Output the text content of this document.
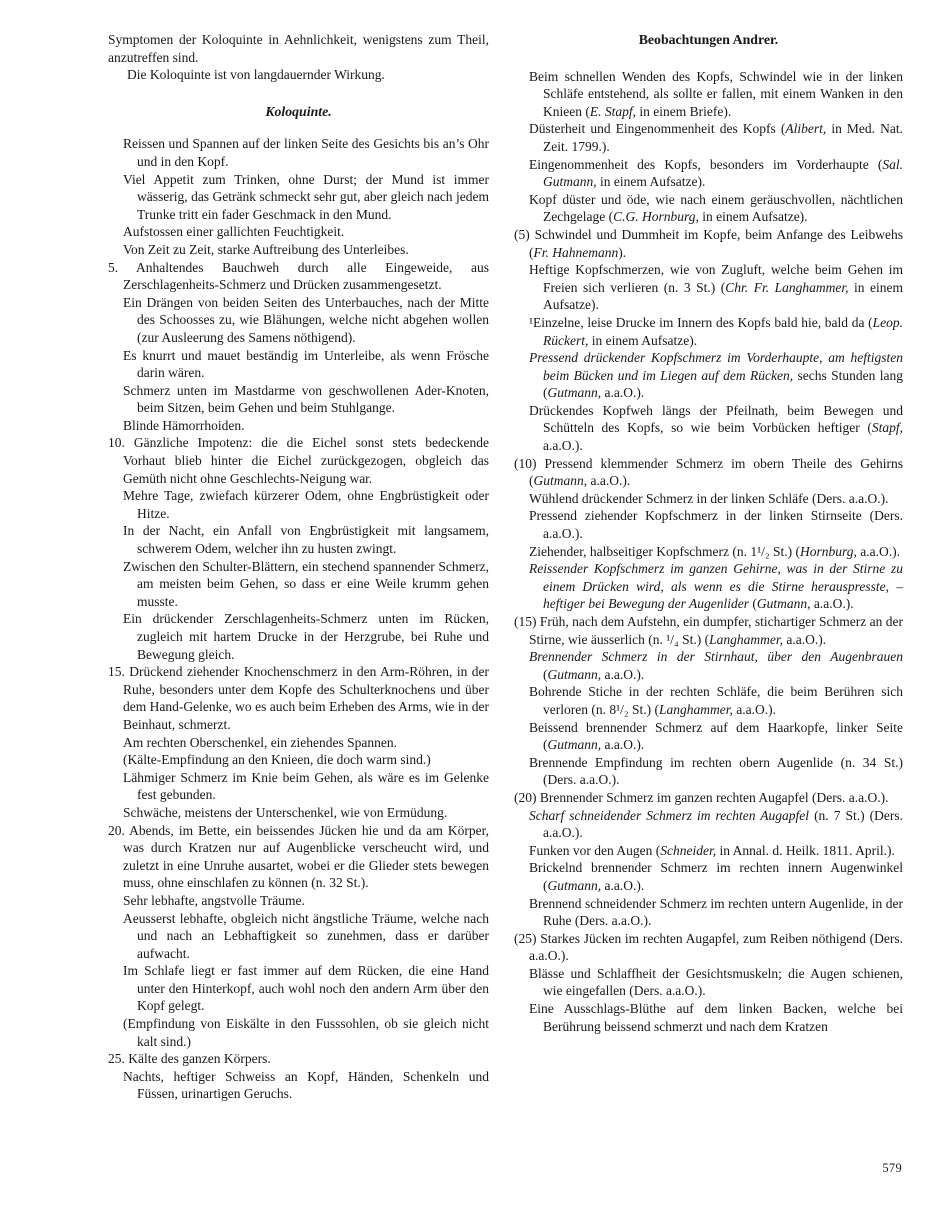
Symptomen der Koloquinte in Aehnlichkeit, wenigstens zum Theil, anzutreffen sind.

Die Koloquinte ist von langdauernder Wirkung.

Koloquinte.

Reissen und Spannen auf der linken Seite des Gesichts bis an’s Ohr und in den Kopf.

Viel Appetit zum Trinken, ohne Durst; der Mund ist immer wässerig, das Getränk schmeckt sehr gut, aber gleich nach jedem Trunke tritt ein fader Geschmack in den Mund.

Aufstossen einer gallichten Feuchtigkeit.

Von Zeit zu Zeit, starke Auftreibung des Unterleibes.

5. Anhaltendes Bauchweh durch alle Eingeweide, aus Zerschlagenheits-Schmerz und Drücken zusammengesetzt.

Ein Drängen von beiden Seiten des Unterbauches, nach der Mitte des Schoosses zu, wie Blähungen, welche nicht abgehen wollen (zur Ausleerung des Samens nöthigend).

Es knurrt und mauet beständig im Unterleibe, als wenn Frösche darin wären.

Schmerz unten im Mastdarme von geschwollenen Ader-Knoten, beim Sitzen, beim Gehen und beim Stuhlgange.

Blinde Hämorrhoiden.

10. Gänzliche Impotenz: die die Eichel sonst stets bedeckende Vorhaut blieb hinter die Eichel zurückgezogen, obgleich das Gemüth nicht ohne Geschlechts-Neigung war.

Mehre Tage, zwiefach kürzerer Odem, ohne Engbrüstigkeit oder Hitze.

In der Nacht, ein Anfall von Engbrüstigkeit mit langsamem, schwerem Odem, welcher ihn zu husten zwingt.

Zwischen den Schulter-Blättern, ein stechend spannender Schmerz, am meisten beim Gehen, so dass er eine Weile krumm gehen musste.

Ein drückender Zerschlagenheits-Schmerz unten im Rücken, zugleich mit hartem Drucke in der Herzgrube, bei Ruhe und Bewegung gleich.

15. Drückend ziehender Knochenschmerz in den Arm-Röhren, in der Ruhe, besonders unter dem Kopfe des Schulterknochens und über dem Hand-Gelenke, wo es auch beim Erheben des Arms, wie in der Beinhaut, schmerzt.

Am rechten Oberschenkel, ein ziehendes Spannen.

(Kälte-Empfindung an den Knieen, die doch warm sind.)

Lähmiger Schmerz im Knie beim Gehen, als wäre es im Gelenke fest gebunden.

Schwäche, meistens der Unterschenkel, wie von Ermüdung.

20. Abends, im Bette, ein beissendes Jücken hie und da am Körper, was durch Kratzen nur auf Augenblicke verscheucht wird, und zuletzt in eine Unruhe ausartet, wobei er die Glieder stets bewegen muss, ohne einschlafen zu können (n. 32 St.).

Sehr lebhafte, angstvolle Träume.

Aeusserst lebhafte, obgleich nicht ängstliche Träume, welche nach und nach an Lebhaftigkeit so zunehmen, dass er darüber aufwacht.

Im Schlafe liegt er fast immer auf dem Rücken, die eine Hand unter den Hinterkopf, auch wohl noch den andern Arm über den Kopf gelegt.

(Empfindung von Eiskälte in den Fusssohlen, ob sie gleich nicht kalt sind.)

25. Kälte des ganzen Körpers.

Nachts, heftiger Schweiss an Kopf, Händen, Schenkeln und Füssen, urinartigen Geruchs.

Beobachtungen Andrer.

Beim schnellen Wenden des Kopfs, Schwindel wie in der linken Schläfe entstehend, als sollte er fallen, mit einem Wanken in den Knieen (E. Stapf, in einem Briefe).

Düsterheit und Eingenommenheit des Kopfs (Alibert, in Med. Nat. Zeit. 1799.).

Eingenommenheit des Kopfs, besonders im Vorderhaupte (Sal. Gutmann, in einem Aufsatze).

Kopf düster und öde, wie nach einem geräuschvollen, nächtlichen Zechgelage (C.G. Hornburg, in einem Aufsatze).

(5) Schwindel und Dummheit im Kopfe, beim Anfange des Leibwehs (Fr. Hahnemann).

Heftige Kopfschmerzen, wie von Zugluft, welche beim Gehen im Freien sich verlieren (n. 3 St.) (Chr. Fr. Langhammer, in einem Aufsatze).

¹Einzelne, leise Drucke im Innern des Kopfs bald hie, bald da (Leop. Rückert, in einem Aufsatze).

Pressend drückender Kopfschmerz im Vorderhaupte, am heftigsten beim Bücken und im Liegen auf dem Rücken, sechs Stunden lang (Gutmann, a.a.O.).

Drückendes Kopfweh längs der Pfeilnath, beim Bewegen und Schütteln des Kopfs, so wie beim Vorbücken heftiger (Stapf, a.a.O.).

(10) Pressend klemmender Schmerz im obern Theile des Gehirns (Gutmann, a.a.O.).

Wühlend drückender Schmerz in der linken Schläfe (Ders. a.a.O.).

Pressend ziehender Kopfschmerz in der linken Stirnseite (Ders. a.a.O.).

Ziehender, halbseitiger Kopfschmerz (n. 1¹/₂ St.) (Hornburg, a.a.O.).

Reissender Kopfschmerz im ganzen Gehirne, was in der Stirne zu einem Drücken wird, als wenn es die Stirne herauspresste, – heftiger bei Bewegung der Augenlider (Gutmann, a.a.O.).

(15) Früh, nach dem Aufstehn, ein dumpfer, stichartiger Schmerz an der Stirne, wie äusserlich (n. ¹/₄ St.) (Langhammer, a.a.O.).

Brennender Schmerz in der Stirnhaut, über den Augenbrauen (Gutmann, a.a.O.).

Bohrende Stiche in der rechten Schläfe, die beim Berühren sich verloren (n. 8¹/₂ St.) (Langhammer, a.a.O.).

Beissend brennender Schmerz auf dem Haarkopfe, linker Seite (Gutmann, a.a.O.).

Brennende Empfindung im rechten obern Augenlide (n. 34 St.) (Ders. a.a.O.).

(20) Brennender Schmerz im ganzen rechten Augapfel (Ders. a.a.O.).

Scharf schneidender Schmerz im rechten Augapfel (n. 7 St.) (Ders. a.a.O.).

Funken vor den Augen (Schneider, in Annal. d. Heilk. 1811. April.).

Brickelnd brennender Schmerz im rechten innern Augenwinkel (Gutmann, a.a.O.).

Brennend schneidender Schmerz im rechten untern Augenlide, in der Ruhe (Ders. a.a.O.).

(25) Starkes Jücken im rechten Augapfel, zum Reiben nöthigend (Ders. a.a.O.).

Blässe und Schlaffheit der Gesichtsmuskeln; die Augen schienen, wie eingefallen (Ders. a.a.O.).

Eine Ausschlags-Blüthe auf dem linken Backen, welche bei Berührung beissend schmerzt und nach dem Kratzen

579
